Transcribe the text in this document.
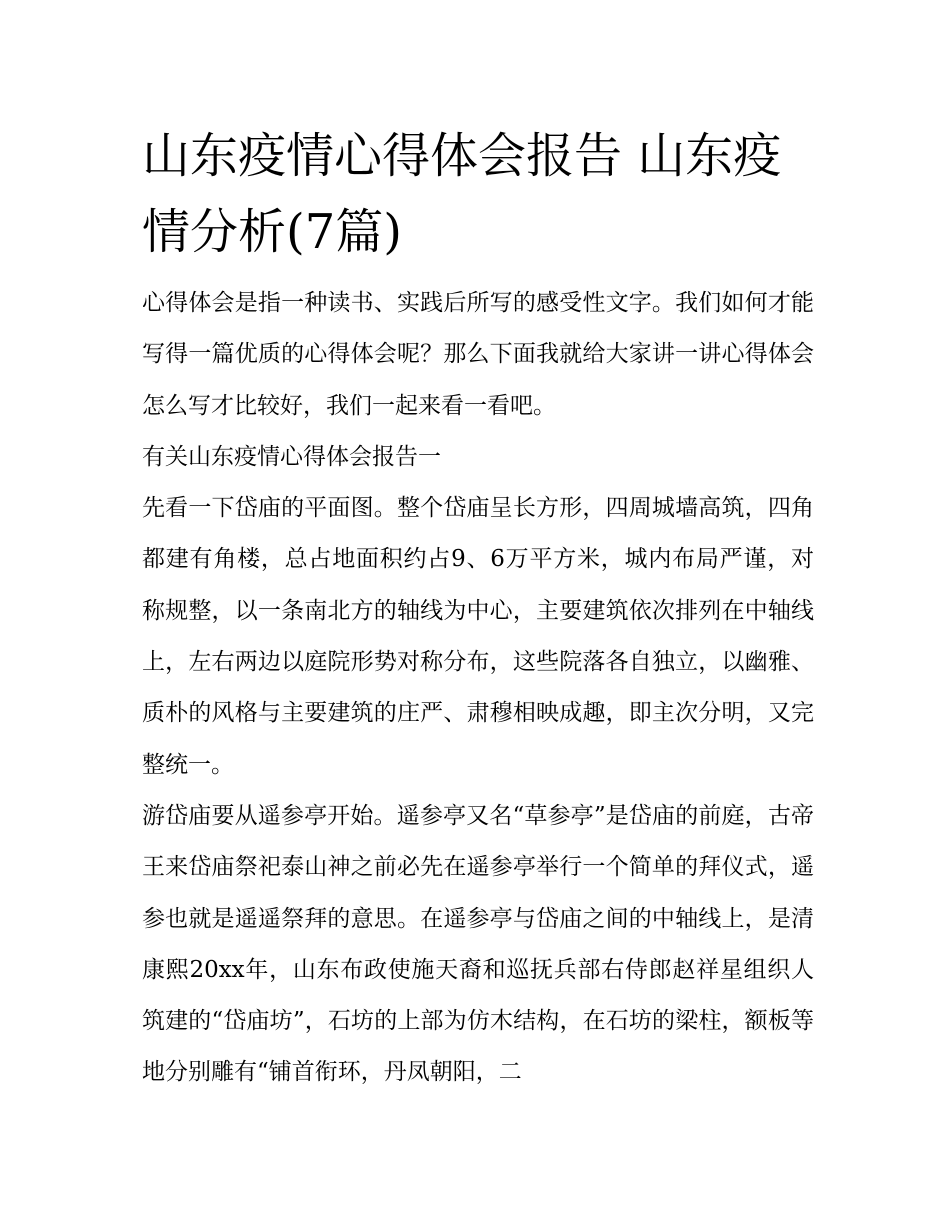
山东疫情心得体会报告 山东疫情分析(7篇)

心得体会是指一种读书、实践后所写的感受性文字。我们如何才能写得一篇优质的心得体会呢？那么下面我就给大家讲一讲心得体会怎么写才比较好，我们一起来看一看吧。

有关山东疫情心得体会报告一

先看一下岱庙的平面图。整个岱庙呈长方形，四周城墙高筑，四角都建有角楼，总占地面积约占9、6万平方米，城内布局严谨，对称规整，以一条南北方的轴线为中心，主要建筑依次排列在中轴线上，左右两边以庭院形势对称分布，这些院落各自独立，以幽雅、质朴的风格与主要建筑的庄严、肃穆相映成趣，即主次分明，又完整统一。

游岱庙要从遥参亭开始。遥参亭又名“草参亭”是岱庙的前庭，古帝王来岱庙祭祀泰山神之前必先在遥参亭举行一个简单的拜仪式，遥参也就是遥遥祭拜的意思。在遥参亭与岱庙之间的中轴线上，是清康熙20xx年，山东布政使施天裔和巡抚兵部右侍郎赵祥星组织人筑建的“岱庙坊”，石坊的上部为仿木结构，在石坊的梁柱，额板等地分别雕有“铺首衔环，丹凤朝阳，二
